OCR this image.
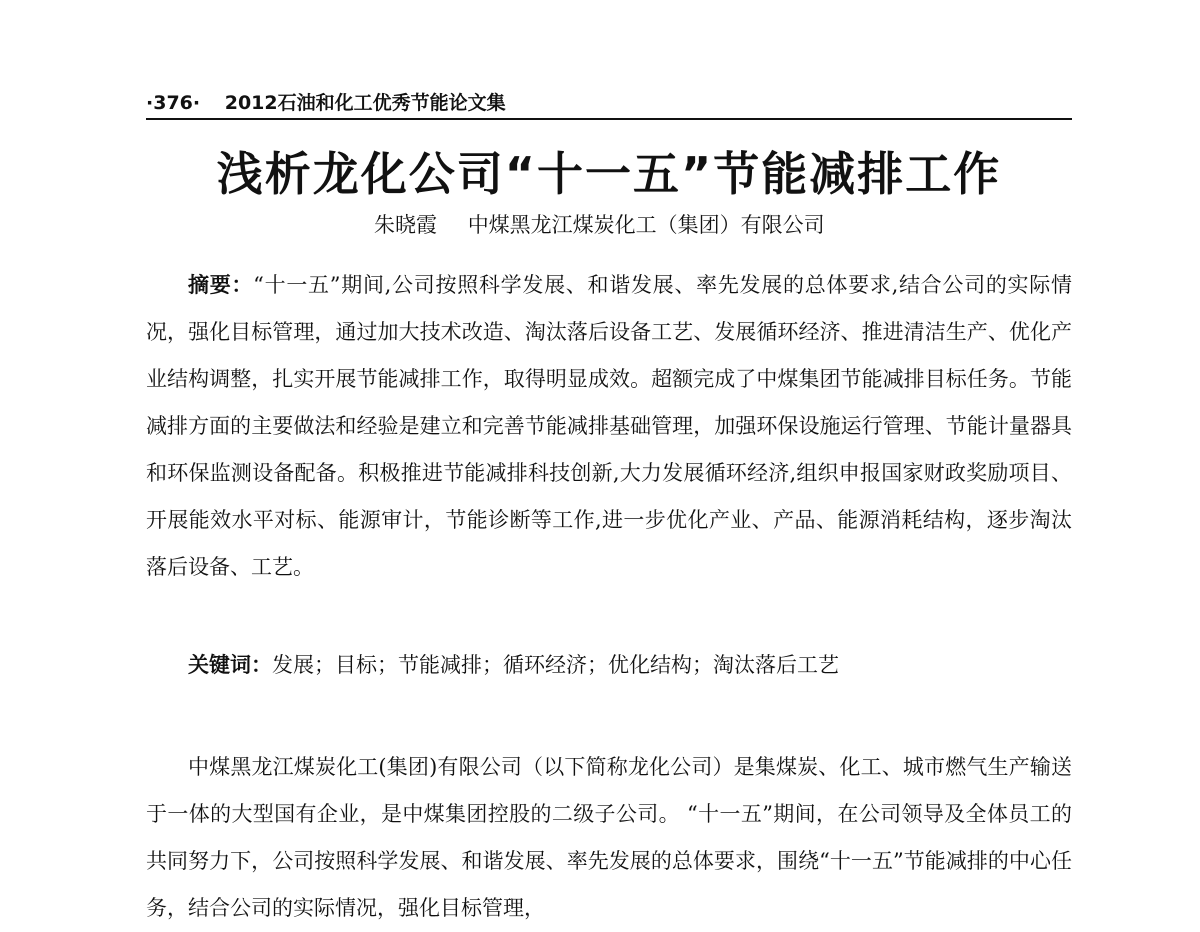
·376· 2012石油和化工优秀节能论文集
浅析龙化公司“十一五”节能减排工作
朱晓霞 中煤黑龙江煤炭化工（集团）有限公司

摘要：“十一五”期间,公司按照科学发展、和谐发展、率先发展的总体要求,结合公司的实际情况，强化目标管理，通过加大技术改造、淘汰落后设备工艺、发展循环经济、推进清洁生产、优化产业结构调整，扎实开展节能减排工作，取得明显成效。超额完成了中煤集团节能减排目标任务。节能减排方面的主要做法和经验是建立和完善节能减排基础管理，加强环保设施运行管理、节能计量器具和环保监测设备配备。积极推进节能减排科技创新,大力发展循环经济,组织申报国家财政奖励项目、开展能效水平对标、能源审计，节能诊断等工作,进一步优化产业、产品、能源消耗结构，逐步淘汰落后设备、工艺。

关键词：发展；目标；节能减排；循环经济；优化结构；淘汰落后工艺

中煤黑龙江煤炭化工(集团)有限公司（以下简称龙化公司）是集煤炭、化工、城市燃气生产输送于一体的大型国有企业，是中煤集团控股的二级子公司。 “十一五”期间，在公司领导及全体员工的共同努力下，公司按照科学发展、和谐发展、率先发展的总体要求，围绕“十一五”节能减排的中心任务，结合公司的实际情况，强化目标管理，
